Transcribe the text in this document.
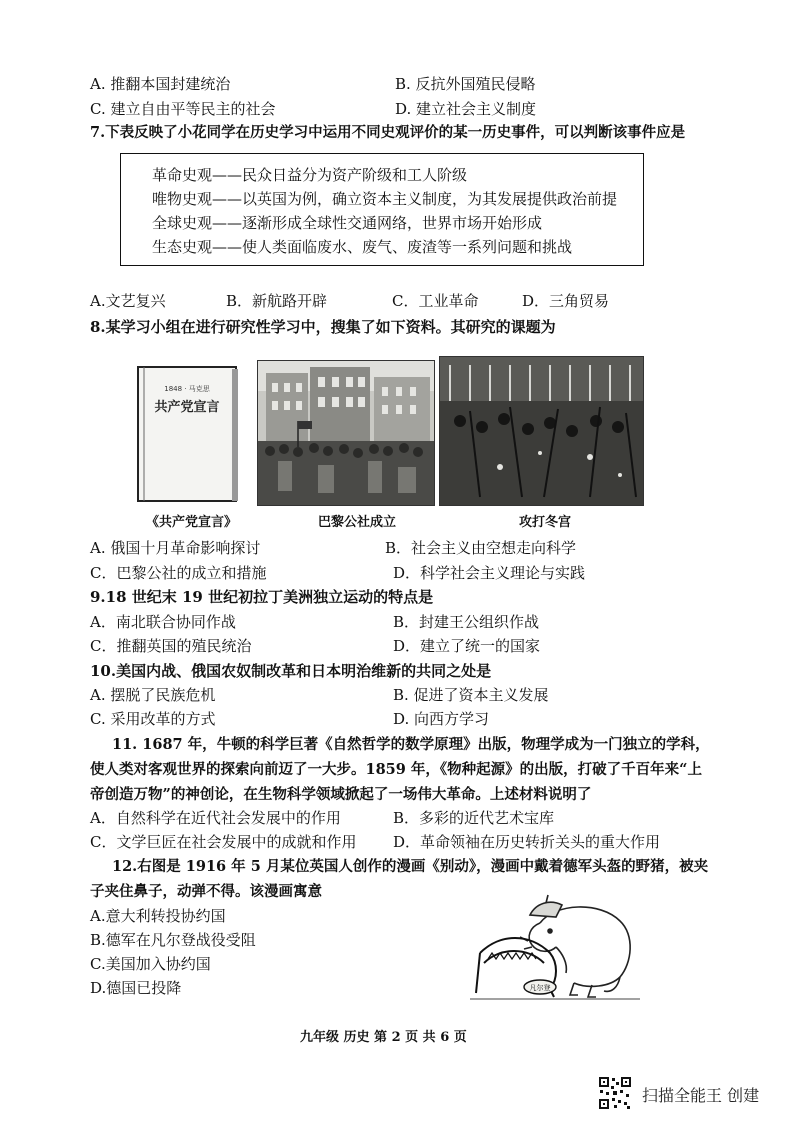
A. 推翻本国封建统治	B. 反抗外国殖民侵略
C. 建立自由平等民主的社会	D. 建立社会主义制度
7.下表反映了小花同学在历史学习中运用不同史观评价的某一历史事件，可以判断该事件应是
革命史观——民众日益分为资产阶级和工人阶级
唯物史观——以英国为例，确立资本主义制度，为其发展提供政治前提
全球史观——逐渐形成全球性交通网络，世界市场开始形成
生态史观——使人类面临废水、废气、废渣等一系列问题和挑战
A.文艺复兴	B．新航路开辟	C．工业革命	D．三角贸易
8.某学习小组在进行研究性学习中，搜集了如下资料。其研究的课题为
1848 · 马克思
共产党宣言
《共产党宣言》	巴黎公社成立	攻打冬宫
A. 俄国十月革命影响探讨	B．社会主义由空想走向科学
C．巴黎公社的成立和措施	D．科学社会主义理论与实践
9.18 世纪末 19 世纪初拉丁美洲独立运动的特点是
A．南北联合协同作战	B．封建王公组织作战
C．推翻英国的殖民统治	D．建立了统一的国家
10.美国内战、俄国农奴制改革和日本明治维新的共同之处是
A. 摆脱了民族危机	B. 促进了资本主义发展
C. 采用改革的方式	D. 向西方学习
11. 1687 年，牛顿的科学巨著《自然哲学的数学原理》出版，物理学成为一门独立的学科，
使人类对客观世界的探索向前迈了一大步。1859 年，《物种起源》的出版，打破了千百年来“上
帝创造万物”的神创论，在生物科学领域掀起了一场伟大革命。上述材料说明了
A．自然科学在近代社会发展中的作用	B．多彩的近代艺术宝库
C．文学巨匠在社会发展中的成就和作用 D．革命领袖在历史转折关头的重大作用
12.右图是 1916 年 5 月某位英国人创作的漫画《别动》，漫画中戴着德军头盔的野猪，被夹
子夹住鼻子，动弹不得。该漫画寓意
A.意大利转投协约国
B.德军在凡尔登战役受阻
C.美国加入协约国
D.德国已投降	凡尔登
九年级 历史 第 2 页 共 6 页
扫描全能王 创建
